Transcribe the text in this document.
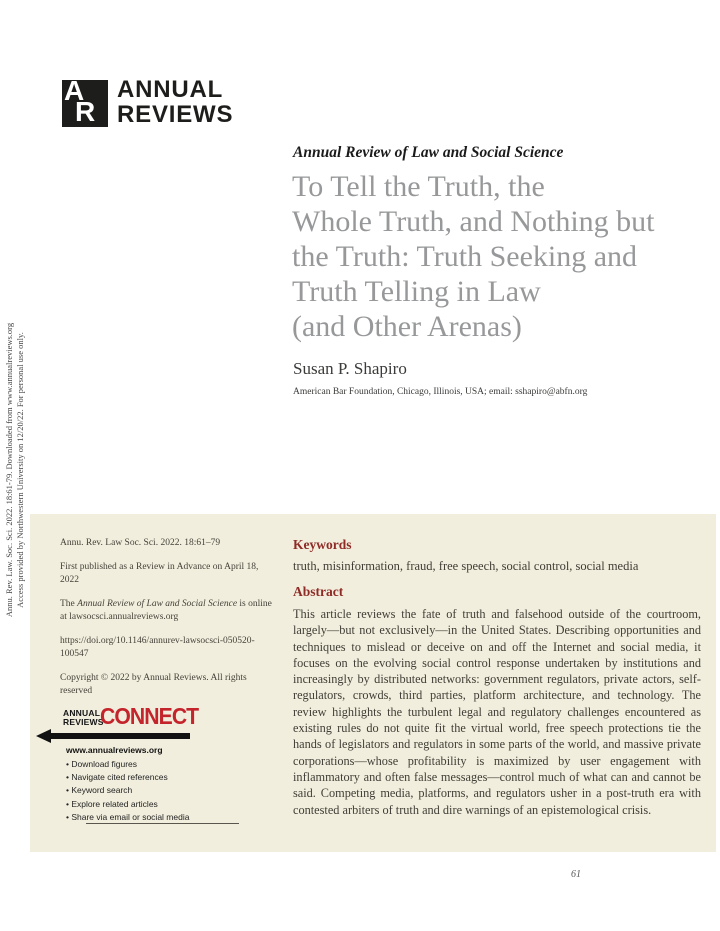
A
R
ANNUAL
REVIEWS
Annu. Rev. Law. Soc. Sci. 2022. 18:61-79. Downloaded from www.annualreviews.org Access provided by Northwestern University on 12/20/22. For personal use only.
Annual Review of Law and Social Science
To Tell the Truth, the
Whole Truth, and Nothing but
the Truth: Truth Seeking and
Truth Telling in Law
(and Other Arenas)
Susan P. Shapiro
American Bar Foundation, Chicago, Illinois, USA; email: sshapiro@abfn.org

Annu. Rev. Law Soc. Sci. 2022. 18:61–79

First published as a Review in Advance on April 18, 2022

The Annual Review of Law and Social Science is online at lawsocsci.annualreviews.org

https://doi.org/10.1146/annurev-lawsocsci-050520-100547

Copyright © 2022 by Annual Reviews. All rights reserved

ANNUAL
REVIEWS
CONNECT
www.annualreviews.org
• Download figures
• Navigate cited references
• Keyword search
• Explore related articles
• Share via email or social media
Keywords
truth, misinformation, fraud, free speech, social control, social media
Abstract
This article reviews the fate of truth and falsehood outside of the courtroom, largely—but not exclusively—in the United States. Describing opportunities and techniques to mislead or deceive on and off the Internet and social media, it focuses on the evolving social control response undertaken by institutions and increasingly by distributed networks: government regulators, private actors, self-regulators, crowds, third parties, platform architecture, and technology. The review highlights the turbulent legal and regulatory challenges encountered as existing rules do not quite fit the virtual world, free speech protections tie the hands of legislators and regulators in some parts of the world, and massive private corporations—whose profitability is maximized by user engagement with inflammatory and often false messages—control much of what can and cannot be said. Competing media, platforms, and regulators usher in a post-truth era with contested arbiters of truth and dire warnings of an epistemological crisis.
61
